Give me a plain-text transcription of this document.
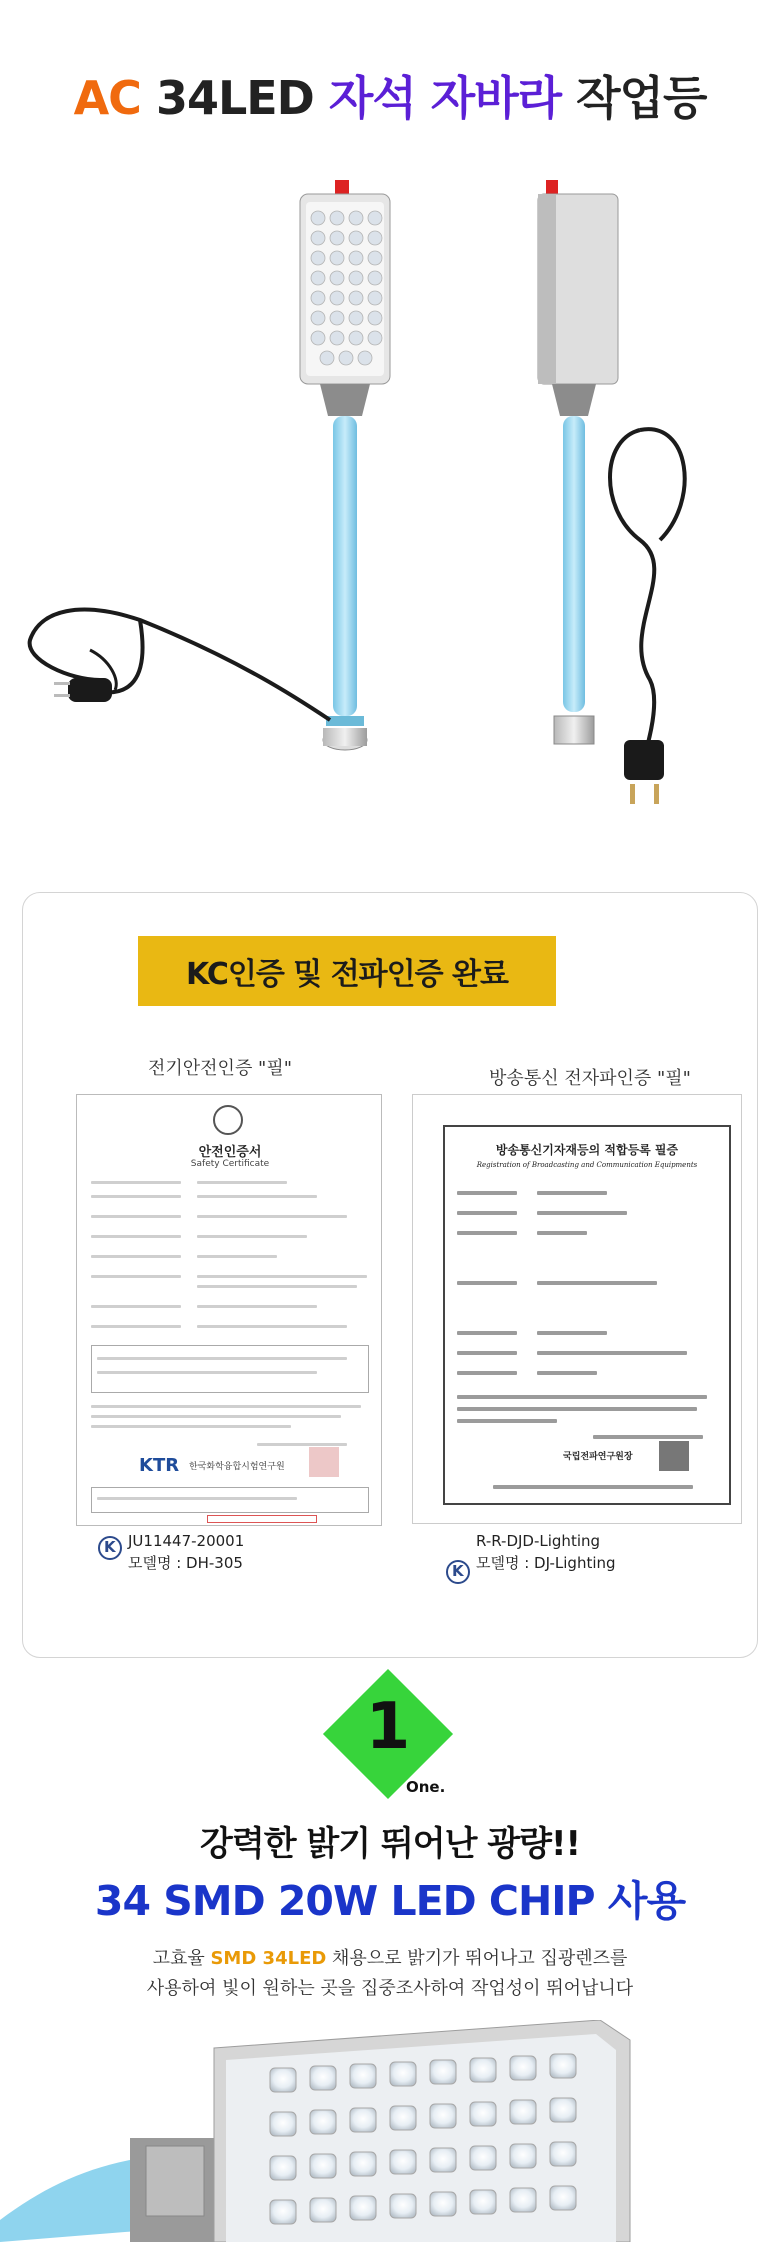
AC 34LED 자석 자바라 작업등
KC인증 및 전파인증 완료
전기안전인증 "필"	방송통신 전자파인증 "필"
안전인증서
Safety Certificate
KTR 한국화학융합시험연구원
방송통신기자재등의 적합등록 필증
Registration of Broadcasting and Communication Equipments
국립전파연구원장
K
JU11447-20001
모델명 : DH-305
K
R-R-DJD-Lighting
모델명 : DJ-Lighting
1
One.
강력한 밝기 뛰어난 광량!!
34 SMD 20W LED CHIP 사용
고효율 SMD 34LED 채용으로 밝기가 뛰어나고 집광렌즈를
사용하여 빛이 원하는 곳을 집중조사하여 작업성이 뛰어납니다
